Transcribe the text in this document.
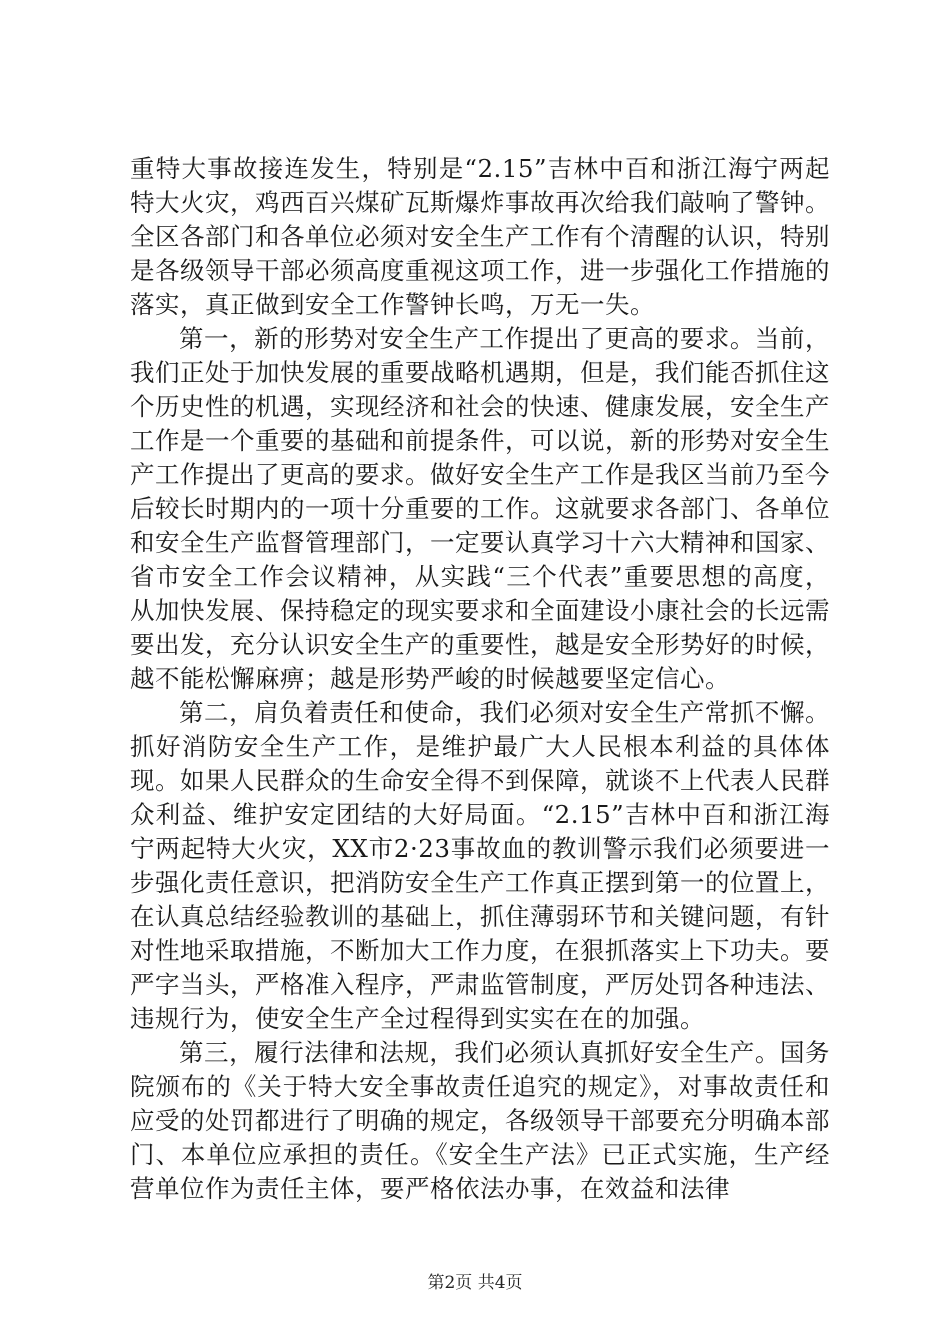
重特大事故接连发生，特别是“2.15”吉林中百和浙江海宁两起特大火灾，鸡西百兴煤矿瓦斯爆炸事故再次给我们敲响了警钟。全区各部门和各单位必须对安全生产工作有个清醒的认识，特别是各级领导干部必须高度重视这项工作，进一步强化工作措施的落实，真正做到安全工作警钟长鸣，万无一失。

第一，新的形势对安全生产工作提出了更高的要求。当前，我们正处于加快发展的重要战略机遇期，但是，我们能否抓住这个历史性的机遇，实现经济和社会的快速、健康发展，安全生产工作是一个重要的基础和前提条件，可以说，新的形势对安全生产工作提出了更高的要求。做好安全生产工作是我区当前乃至今后较长时期内的一项十分重要的工作。这就要求各部门、各单位和安全生产监督管理部门，一定要认真学习十六大精神和国家、省市安全工作会议精神，从实践“三个代表”重要思想的高度，从加快发展、保持稳定的现实要求和全面建设小康社会的长远需要出发，充分认识安全生产的重要性，越是安全形势好的时候，越不能松懈麻痹；越是形势严峻的时候越要坚定信心。

第二，肩负着责任和使命，我们必须对安全生产常抓不懈。抓好消防安全生产工作，是维护最广大人民根本利益的具体体现。如果人民群众的生命安全得不到保障，就谈不上代表人民群众利益、维护安定团结的大好局面。“2.15”吉林中百和浙江海宁两起特大火灾，XX市2·23事故血的教训警示我们必须要进一步强化责任意识，把消防安全生产工作真正摆到第一的位置上，在认真总结经验教训的基础上，抓住薄弱环节和关键问题，有针对性地采取措施，不断加大工作力度，在狠抓落实上下功夫。要严字当头，严格准入程序，严肃监管制度，严厉处罚各种违法、违规行为，使安全生产全过程得到实实在在的加强。

第三，履行法律和法规，我们必须认真抓好安全生产。国务院颁布的《关于特大安全事故责任追究的规定》，对事故责任和应受的处罚都进行了明确的规定，各级领导干部要充分明确本部门、本单位应承担的责任。《安全生产法》已正式实施，生产经营单位作为责任主体，要严格依法办事，在效益和法律

第2页 共4页
